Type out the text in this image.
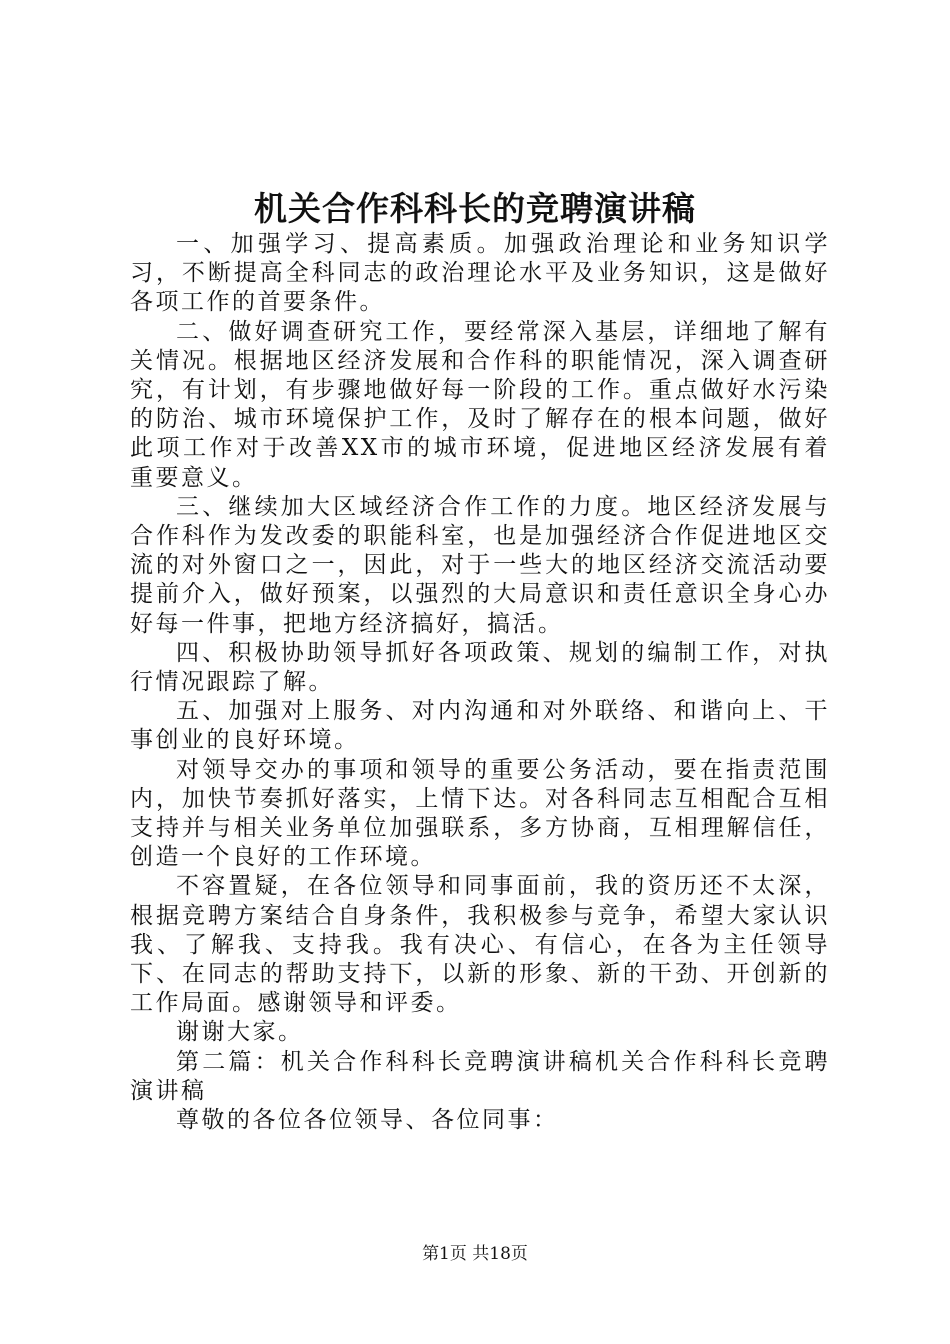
机关合作科科长的竞聘演讲稿

一、加强学习、提高素质。加强政治理论和业务知识学习，不断提高全科同志的政治理论水平及业务知识，这是做好各项工作的首要条件。

二、做好调查研究工作，要经常深入基层，详细地了解有关情况。根据地区经济发展和合作科的职能情况，深入调查研究，有计划，有步骤地做好每一阶段的工作。重点做好水污染的防治、城市环境保护工作，及时了解存在的根本问题，做好此项工作对于改善XX市的城市环境，促进地区经济发展有着重要意义。

三、继续加大区域经济合作工作的力度。地区经济发展与合作科作为发改委的职能科室，也是加强经济合作促进地区交流的对外窗口之一，因此，对于一些大的地区经济交流活动要提前介入，做好预案，以强烈的大局意识和责任意识全身心办好每一件事，把地方经济搞好，搞活。

四、积极协助领导抓好各项政策、规划的编制工作，对执行情况跟踪了解。

五、加强对上服务、对内沟通和对外联络、和谐向上、干事创业的良好环境。

对领导交办的事项和领导的重要公务活动，要在指责范围内，加快节奏抓好落实，上情下达。对各科同志互相配合互相支持并与相关业务单位加强联系，多方协商，互相理解信任，创造一个良好的工作环境。

不容置疑，在各位领导和同事面前，我的资历还不太深，根据竞聘方案结合自身条件，我积极参与竞争，希望大家认识我、了解我、支持我。我有决心、有信心，在各为主任领导下、在同志的帮助支持下，以新的形象、新的干劲、开创新的工作局面。感谢领导和评委。

谢谢大家。

第二篇：机关合作科科长竞聘演讲稿机关合作科科长竞聘演讲稿

尊敬的各位各位领导、各位同事：

第1页 共18页
